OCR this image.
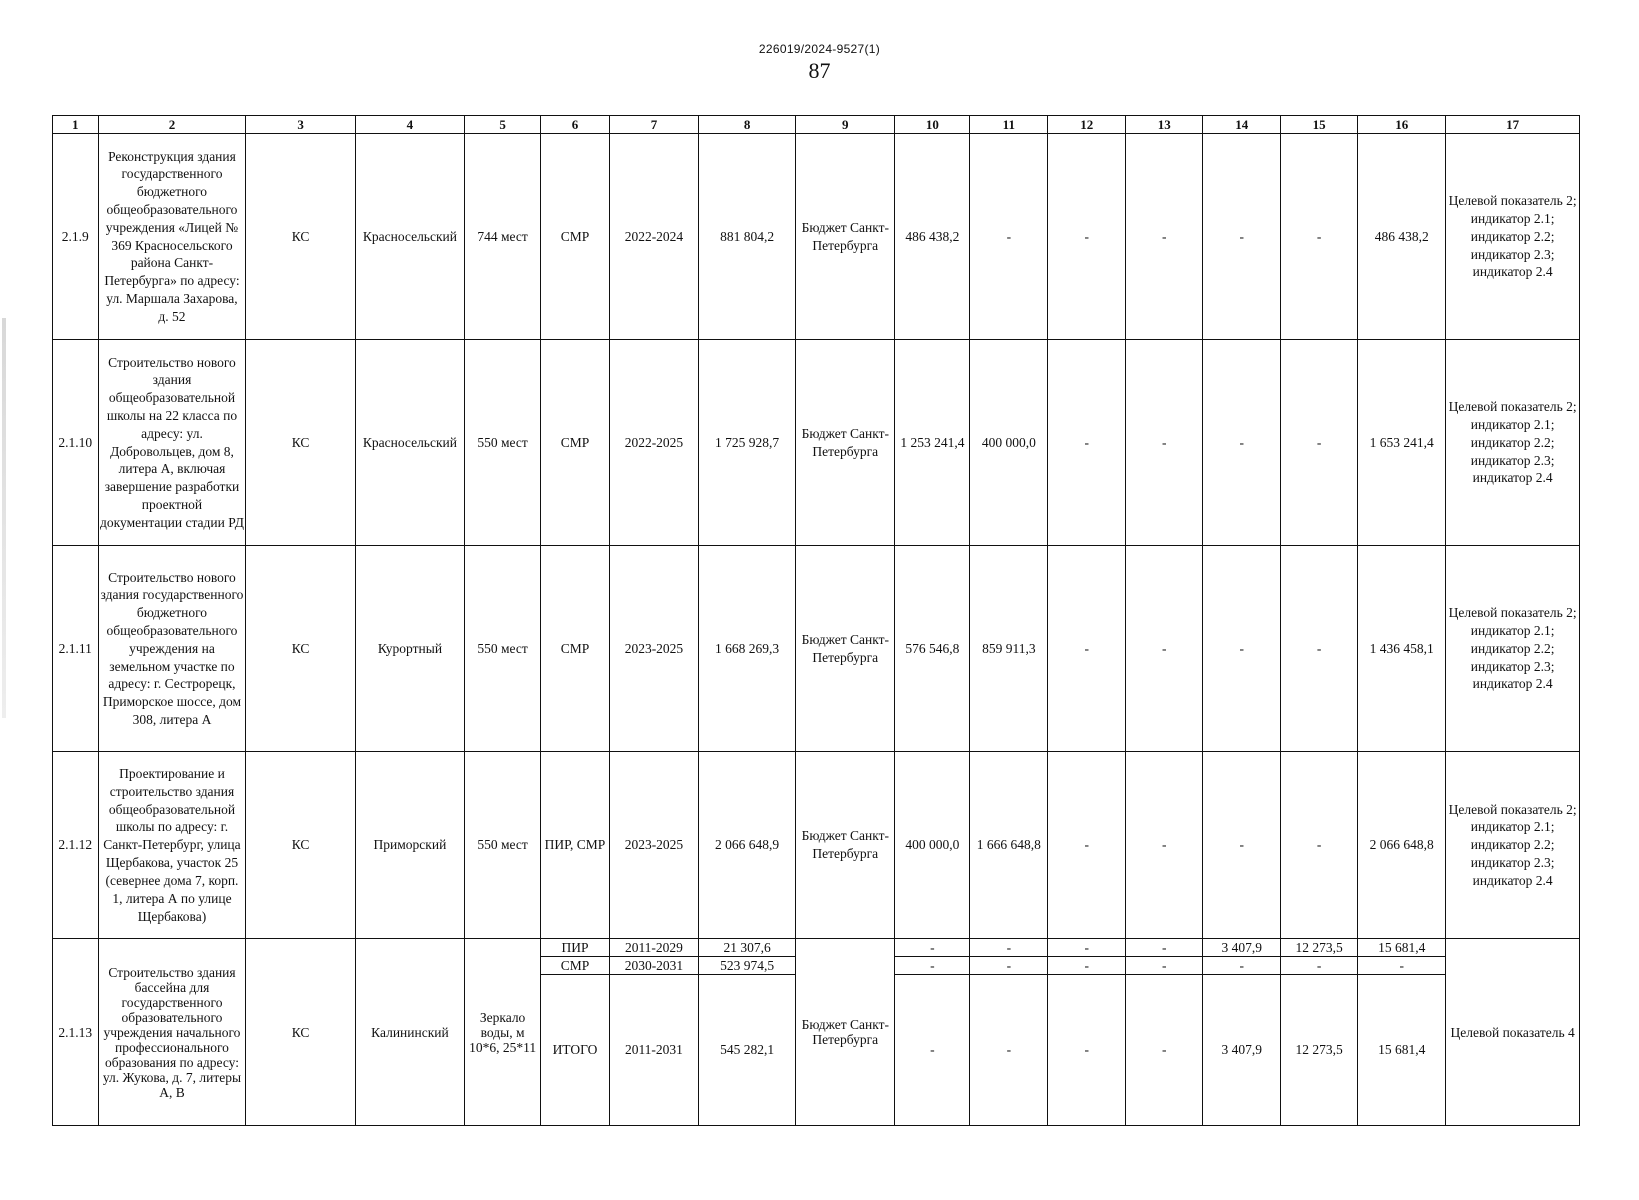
226019/2024-9527(1)
87
1	2	3	4	5	6	7	8	9	10	11	12	13	14	15	16	17
2.1.9	Реконструкция здания государственного бюджетного общеобразовательного учреждения «Лицей № 369 Красносельского района Санкт-Петербурга» по адресу: ул. Маршала Захарова, д. 52	КС	Красносельский	744 мест	СМР	2022-2024	881 804,2	Бюджет Санкт-Петербурга	486 438,2	-	-	-	-	-	486 438,2	Целевой показатель 2; индикатор 2.1; индикатор 2.2; индикатор 2.3; индикатор 2.4
2.1.10	Строительство нового здания общеобразовательной школы на 22 класса по адресу: ул. Добровольцев, дом 8, литера А, включая завершение разработки проектной документации стадии РД	КС	Красносельский	550 мест	СМР	2022-2025	1 725 928,7	Бюджет Санкт-Петербурга	1 253 241,4	400 000,0	-	-	-	-	1 653 241,4	Целевой показатель 2; индикатор 2.1; индикатор 2.2; индикатор 2.3; индикатор 2.4
2.1.11	Строительство нового здания государственного бюджетного общеобразовательного учреждения на земельном участке по адресу: г. Сестрорецк, Приморское шоссе, дом 308, литера А	КС	Курортный	550 мест	СМР	2023-2025	1 668 269,3	Бюджет Санкт-Петербурга	576 546,8	859 911,3	-	-	-	-	1 436 458,1	Целевой показатель 2; индикатор 2.1; индикатор 2.2; индикатор 2.3; индикатор 2.4
2.1.12	Проектирование и строительство здания общеобразовательной школы по адресу: г. Санкт-Петербург, улица Щербакова, участок 25 (севернее дома 7, корп. 1, литера А по улице Щербакова)	КС	Приморский	550 мест	ПИР, СМР	2023-2025	2 066 648,9	Бюджет Санкт-Петербурга	400 000,0	1 666 648,8	-	-	-	-	2 066 648,8	Целевой показатель 2; индикатор 2.1; индикатор 2.2; индикатор 2.3; индикатор 2.4
2.1.13	Строительство здания бассейна для государственного образовательного учреждения начального профессионального образования по адресу: ул. Жукова, д. 7, литеры А, В	КС	Калининский	Зеркало воды, м 10*6, 25*11	ПИР	2011-2029	21 307,6	Бюджет Санкт-Петербурга	-	-	-	-	3 407,9	12 273,5	15 681,4	Целевой показатель 4
					СМР	2030-2031	523 974,5		-	-	-	-	-	-	-	
					ИТОГО	2011-2031	545 282,1		-	-	-	-	3 407,9	12 273,5	15 681,4	
